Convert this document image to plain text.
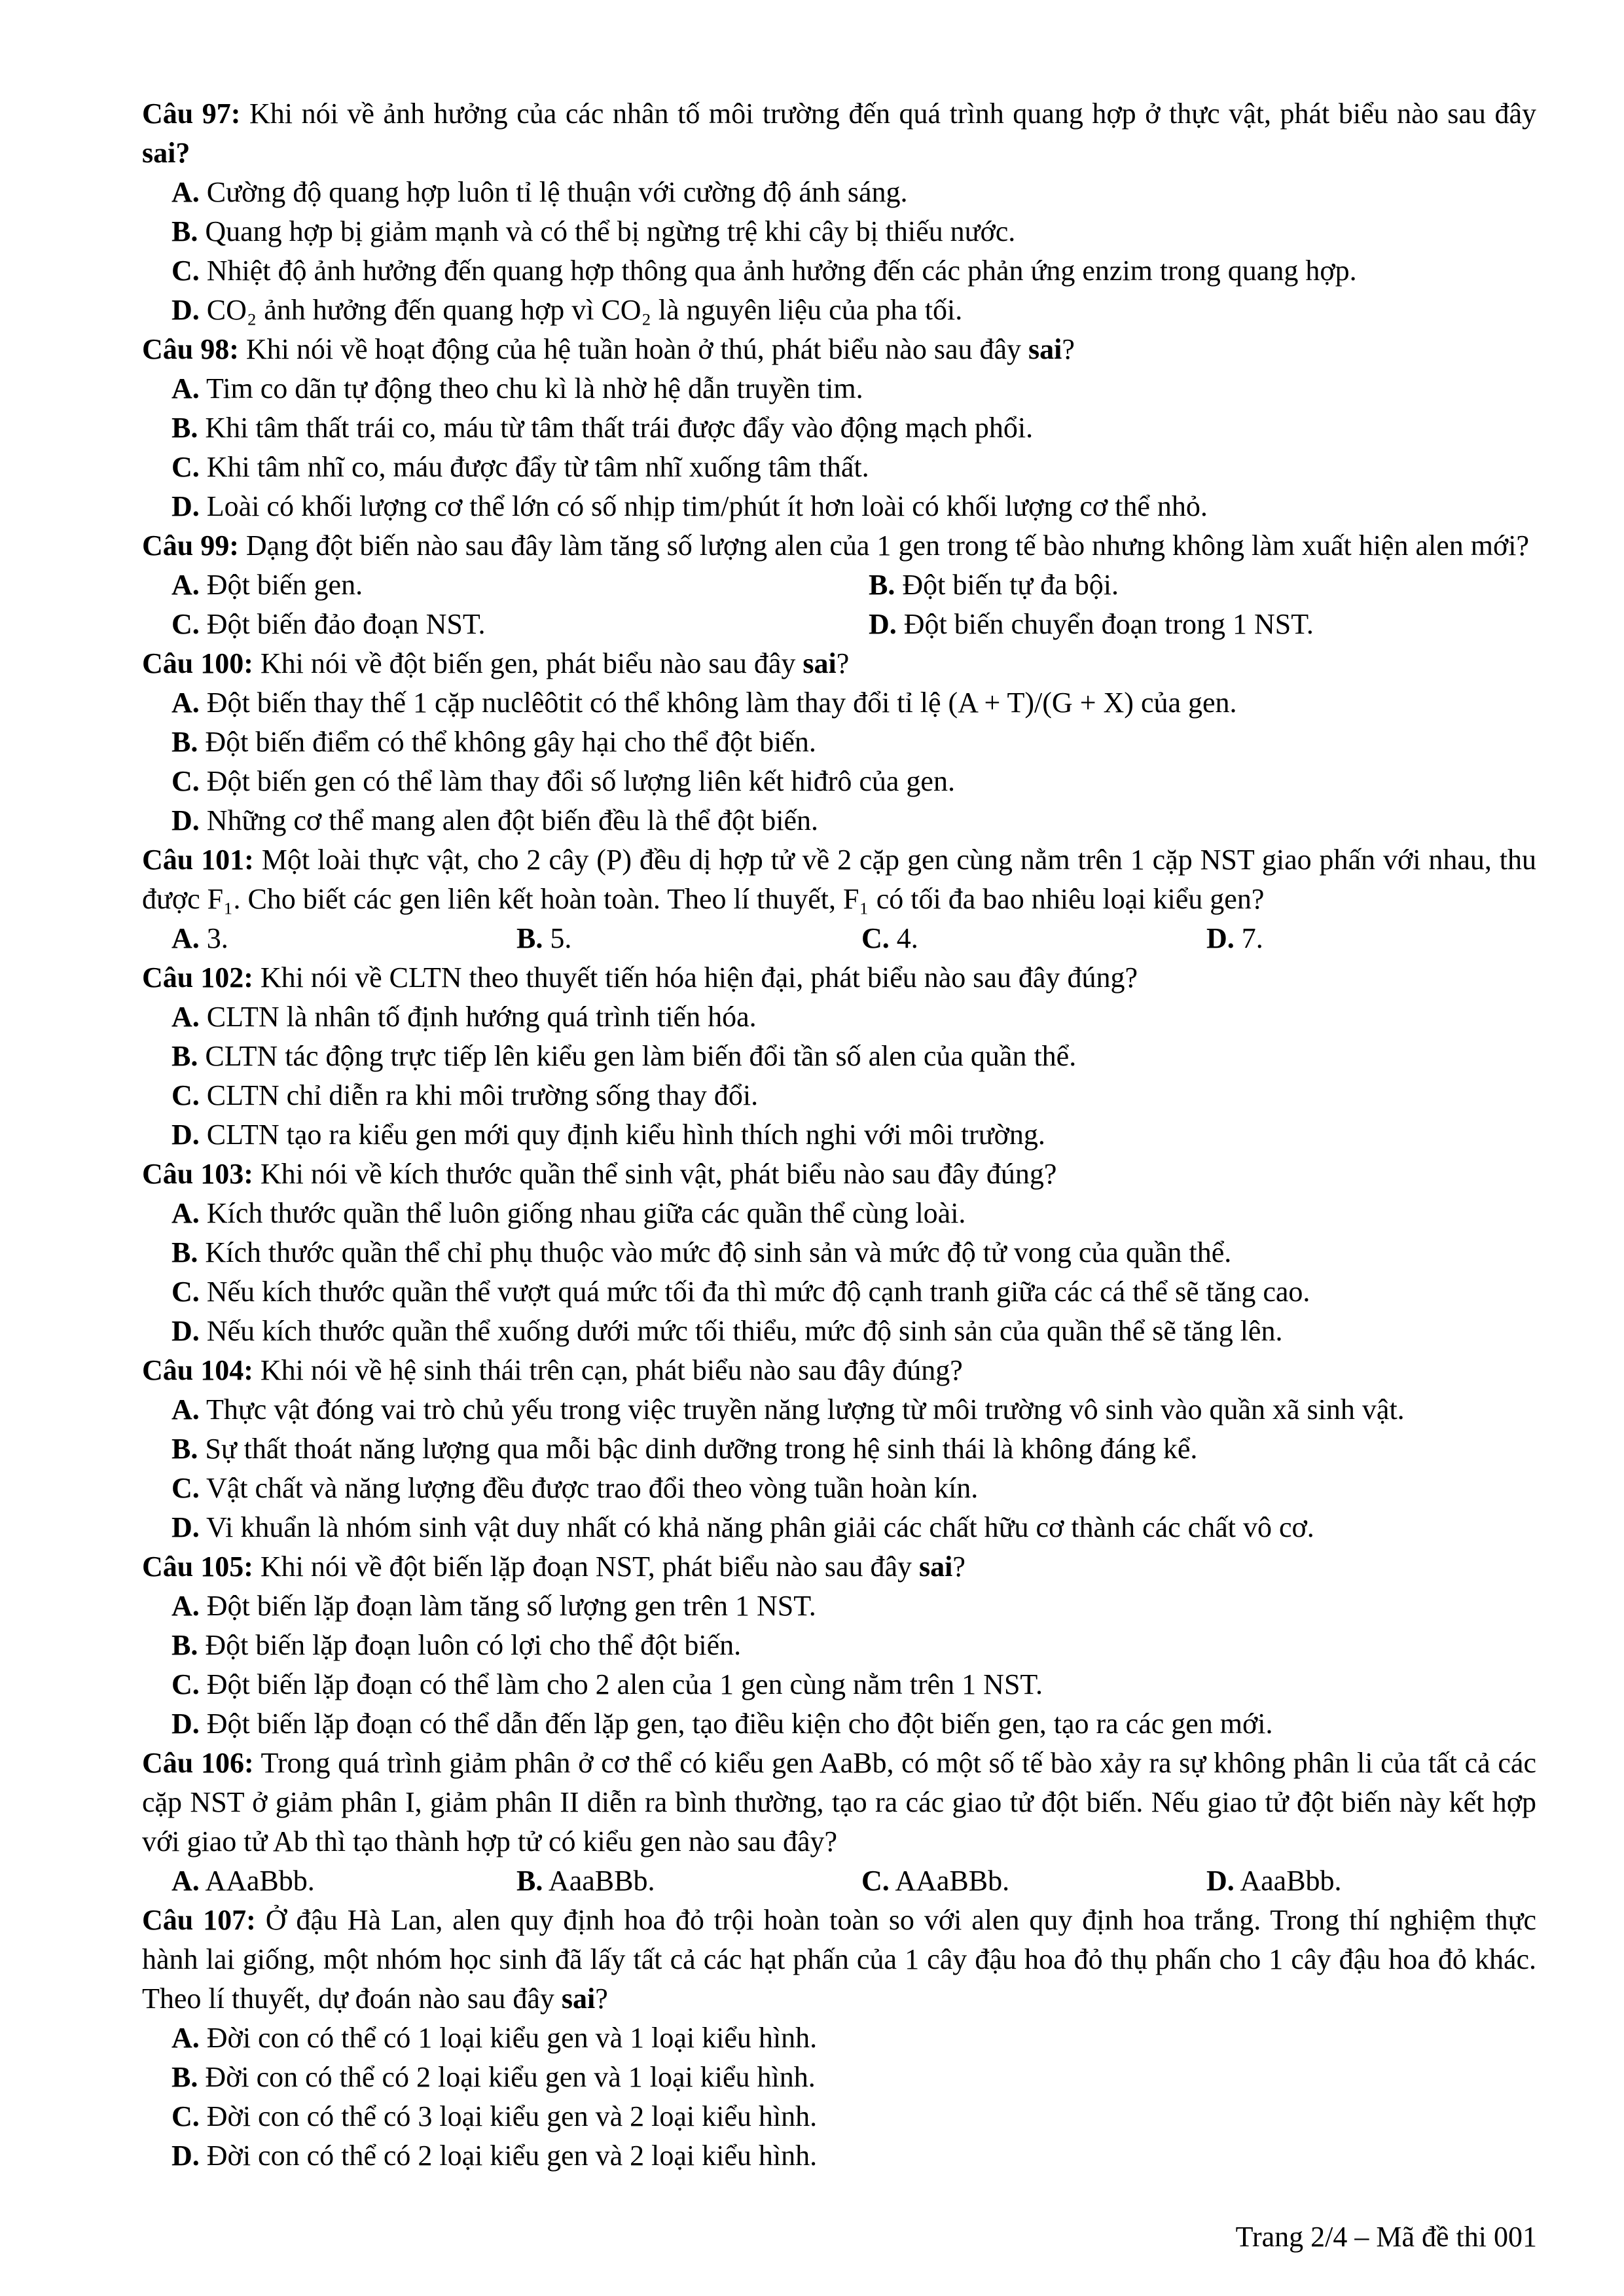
Câu 97: Khi nói về ảnh hưởng của các nhân tố môi trường đến quá trình quang hợp ở thực vật, phát biểu nào sau đây sai?
A. Cường độ quang hợp luôn tỉ lệ thuận với cường độ ánh sáng.
B. Quang hợp bị giảm mạnh và có thể bị ngừng trệ khi cây bị thiếu nước.
C. Nhiệt độ ảnh hưởng đến quang hợp thông qua ảnh hưởng đến các phản ứng enzim trong quang hợp.
D. CO₂ ảnh hưởng đến quang hợp vì CO₂ là nguyên liệu của pha tối.
Câu 98: Khi nói về hoạt động của hệ tuần hoàn ở thú, phát biểu nào sau đây sai?
A. Tim co dãn tự động theo chu kì là nhờ hệ dẫn truyền tim.
B. Khi tâm thất trái co, máu từ tâm thất trái được đẩy vào động mạch phổi.
C. Khi tâm nhĩ co, máu được đẩy từ tâm nhĩ xuống tâm thất.
D. Loài có khối lượng cơ thể lớn có số nhịp tim/phút ít hơn loài có khối lượng cơ thể nhỏ.
Câu 99: Dạng đột biến nào sau đây làm tăng số lượng alen của 1 gen trong tế bào nhưng không làm xuất hiện alen mới?
A. Đột biến gen.	B. Đột biến tự đa bội.
C. Đột biến đảo đoạn NST.	D. Đột biến chuyển đoạn trong 1 NST.
Câu 100: Khi nói về đột biến gen, phát biểu nào sau đây sai?
A. Đột biến thay thế 1 cặp nuclêôtit có thể không làm thay đổi tỉ lệ (A + T)/(G + X) của gen.
B. Đột biến điểm có thể không gây hại cho thể đột biến.
C. Đột biến gen có thể làm thay đổi số lượng liên kết hiđrô của gen.
D. Những cơ thể mang alen đột biến đều là thể đột biến.
Câu 101: Một loài thực vật, cho 2 cây (P) đều dị hợp tử về 2 cặp gen cùng nằm trên 1 cặp NST giao phấn với nhau, thu được F₁. Cho biết các gen liên kết hoàn toàn. Theo lí thuyết, F₁ có tối đa bao nhiêu loại kiểu gen?
A. 3.	B. 5.	C. 4.	D. 7.
Câu 102: Khi nói về CLTN theo thuyết tiến hóa hiện đại, phát biểu nào sau đây đúng?
A. CLTN là nhân tố định hướng quá trình tiến hóa.
B. CLTN tác động trực tiếp lên kiểu gen làm biến đổi tần số alen của quần thể.
C. CLTN chỉ diễn ra khi môi trường sống thay đổi.
D. CLTN tạo ra kiểu gen mới quy định kiểu hình thích nghi với môi trường.
Câu 103: Khi nói về kích thước quần thể sinh vật, phát biểu nào sau đây đúng?
A. Kích thước quần thể luôn giống nhau giữa các quần thể cùng loài.
B. Kích thước quần thể chỉ phụ thuộc vào mức độ sinh sản và mức độ tử vong của quần thể.
C. Nếu kích thước quần thể vượt quá mức tối đa thì mức độ cạnh tranh giữa các cá thể sẽ tăng cao.
D. Nếu kích thước quần thể xuống dưới mức tối thiểu, mức độ sinh sản của quần thể sẽ tăng lên.
Câu 104: Khi nói về hệ sinh thái trên cạn, phát biểu nào sau đây đúng?
A. Thực vật đóng vai trò chủ yếu trong việc truyền năng lượng từ môi trường vô sinh vào quần xã sinh vật.
B. Sự thất thoát năng lượng qua mỗi bậc dinh dưỡng trong hệ sinh thái là không đáng kể.
C. Vật chất và năng lượng đều được trao đổi theo vòng tuần hoàn kín.
D. Vi khuẩn là nhóm sinh vật duy nhất có khả năng phân giải các chất hữu cơ thành các chất vô cơ.
Câu 105: Khi nói về đột biến lặp đoạn NST, phát biểu nào sau đây sai?
A. Đột biến lặp đoạn làm tăng số lượng gen trên 1 NST.
B. Đột biến lặp đoạn luôn có lợi cho thể đột biến.
C. Đột biến lặp đoạn có thể làm cho 2 alen của 1 gen cùng nằm trên 1 NST.
D. Đột biến lặp đoạn có thể dẫn đến lặp gen, tạo điều kiện cho đột biến gen, tạo ra các gen mới.
Câu 106: Trong quá trình giảm phân ở cơ thể có kiểu gen AaBb, có một số tế bào xảy ra sự không phân li của tất cả các cặp NST ở giảm phân I, giảm phân II diễn ra bình thường, tạo ra các giao tử đột biến. Nếu giao tử đột biến này kết hợp với giao tử Ab thì tạo thành hợp tử có kiểu gen nào sau đây?
A. AAaBbb.	B. AaaBBb.	C. AAaBBb.	D. AaaBbb.
Câu 107: Ở đậu Hà Lan, alen quy định hoa đỏ trội hoàn toàn so với alen quy định hoa trắng. Trong thí nghiệm thực hành lai giống, một nhóm học sinh đã lấy tất cả các hạt phấn của 1 cây đậu hoa đỏ thụ phấn cho 1 cây đậu hoa đỏ khác. Theo lí thuyết, dự đoán nào sau đây sai?
A. Đời con có thể có 1 loại kiểu gen và 1 loại kiểu hình.
B. Đời con có thể có 2 loại kiểu gen và 1 loại kiểu hình.
C. Đời con có thể có 3 loại kiểu gen và 2 loại kiểu hình.
D. Đời con có thể có 2 loại kiểu gen và 2 loại kiểu hình.
Trang 2/4 – Mã đề thi 001
